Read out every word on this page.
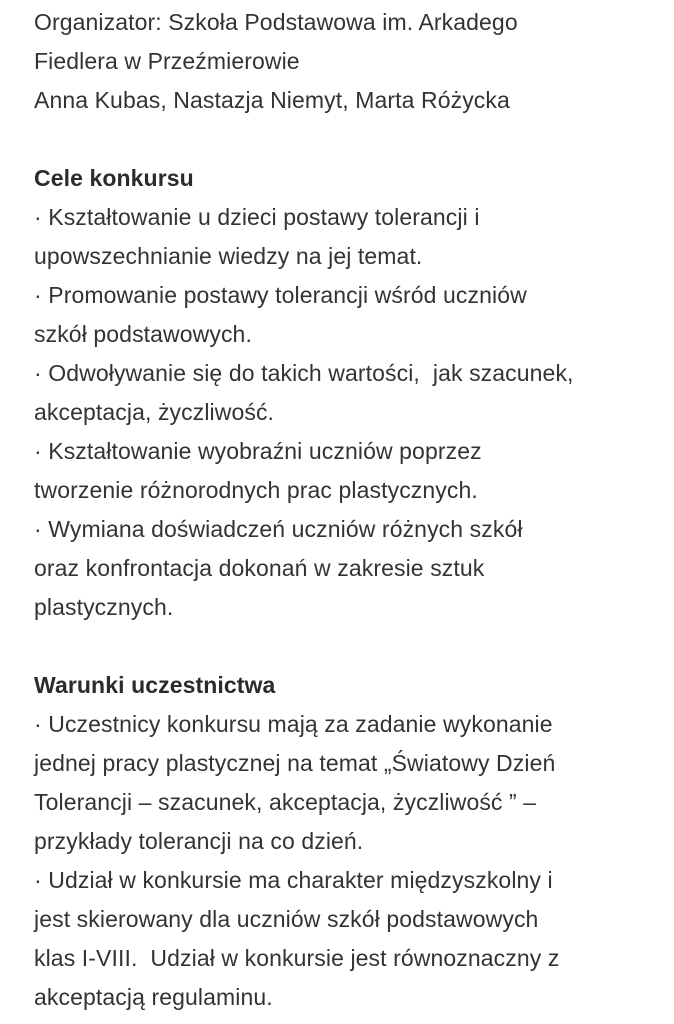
Organizator: Szkoła Podstawowa im. Arkadego
Fiedlera w Przeźmierowie
Anna Kubas, Nastazja Niemyt, Marta Różycka
Cele konkursu
· Kształtowanie u dzieci postawy tolerancji i
upowszechnianie wiedzy na jej temat.
· Promowanie postawy tolerancji wśród uczniów
szkół podstawowych.
· Odwoływanie się do takich wartości,  jak szacunek,
akceptacja, życzliwość.
· Kształtowanie wyobraźni uczniów poprzez
tworzenie różnorodnych prac plastycznych.
· Wymiana doświadczeń uczniów różnych szkół
oraz konfrontacja dokonań w zakresie sztuk
plastycznych.
Warunki uczestnictwa
· Uczestnicy konkursu mają za zadanie wykonanie
jednej pracy plastycznej na temat „Światowy Dzień
Tolerancji – szacunek, akceptacja, życzliwość ” –
przykłady tolerancji na co dzień.
· Udział w konkursie ma charakter międzyszkolny i
jest skierowany dla uczniów szkół podstawowych
klas I-VIII.  Udział w konkursie jest równoznaczny z
akceptacją regulaminu.
